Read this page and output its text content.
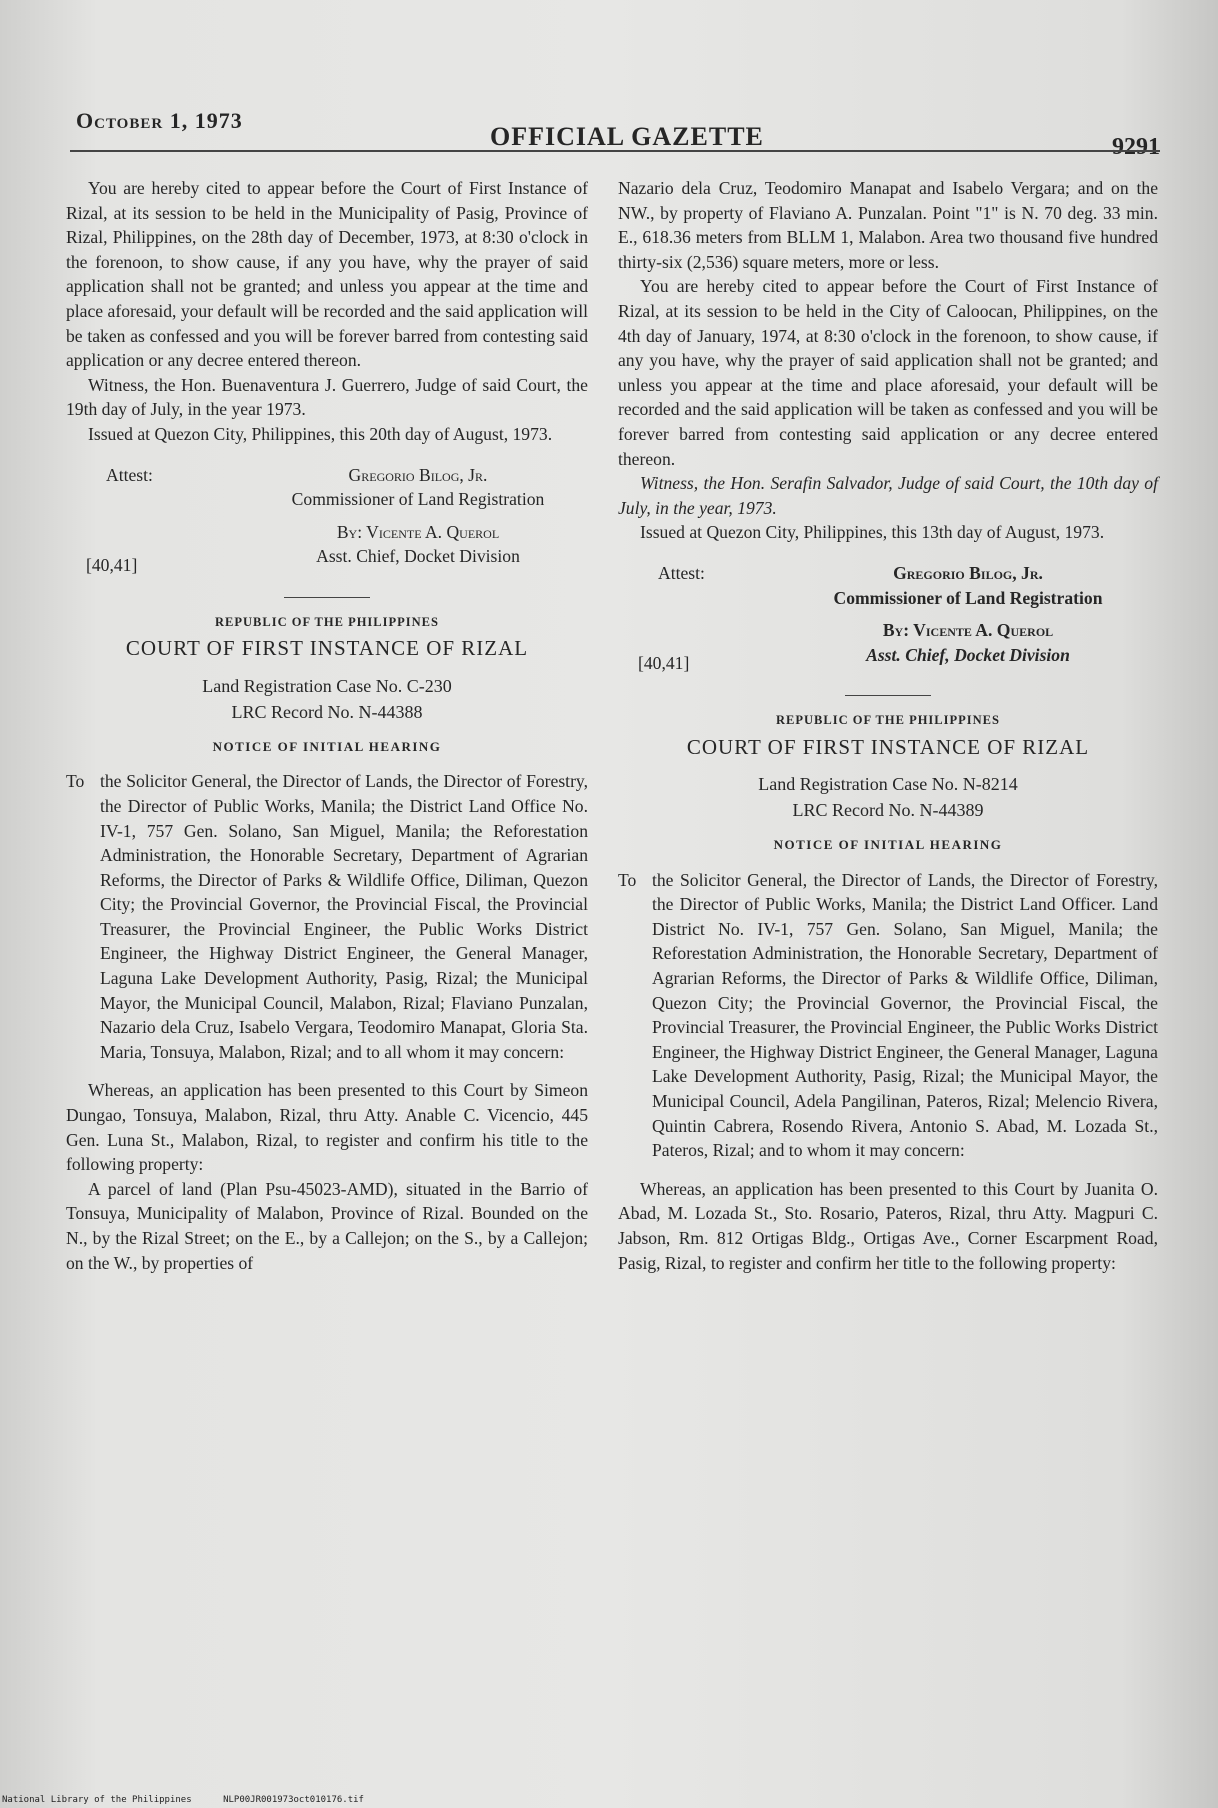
October 1, 1973
OFFICIAL GAZETTE	9291

You are hereby cited to appear before the Court of First Instance of Rizal, at its session to be held in the Municipality of Pasig, Province of Rizal, Philippines, on the 28th day of December, 1973, at 8:30 o'clock in the forenoon, to show cause, if any you have, why the prayer of said application shall not be granted; and unless you appear at the time and place aforesaid, your default will be recorded and the said application will be taken as confessed and you will be forever barred from contesting said application or any decree entered thereon.

Witness, the Hon. Buenaventura J. Guerrero, Judge of said Court, the 19th day of July, in the year 1973.

Issued at Quezon City, Philippines, this 20th day of August, 1973.

Attest:	Gregorio Bilog, Jr.
Commissioner of Land Registration
By: Vicente A. Querol
Asst. Chief, Docket Division
[40,41]
REPUBLIC OF THE PHILIPPINES
COURT OF FIRST INSTANCE OF RIZAL
Land Registration Case No. C-230
LRC Record No. N-44388
NOTICE OF INITIAL HEARING
To the Solicitor General, the Director of Lands, the Director of Forestry, the Director of Public Works, Manila; the District Land Office No. IV-1, 757 Gen. Solano, San Miguel, Manila; the Reforestation Administration, the Honorable Secretary, Department of Agrarian Reforms, the Director of Parks & Wildlife Office, Diliman, Quezon City; the Provincial Governor, the Provincial Fiscal, the Provincial Treasurer, the Provincial Engineer, the Public Works District Engineer, the Highway District Engineer, the General Manager, Laguna Lake Development Authority, Pasig, Rizal; the Municipal Mayor, the Municipal Council, Malabon, Rizal; Flaviano Punzalan, Nazario dela Cruz, Isabelo Vergara, Teodomiro Manapat, Gloria Sta. Maria, Tonsuya, Malabon, Rizal; and to all whom it may concern:

Whereas, an application has been presented to this Court by Simeon Dungao, Tonsuya, Malabon, Rizal, thru Atty. Anable C. Vicencio, 445 Gen. Luna St., Malabon, Rizal, to register and confirm his title to the following property:

A parcel of land (Plan Psu-45023-AMD), situated in the Barrio of Tonsuya, Municipality of Malabon, Province of Rizal. Bounded on the N., by the Rizal Street; on the E., by a Callejon; on the S., by a Callejon; on the W., by properties of

Nazario dela Cruz, Teodomiro Manapat and Isabelo Vergara; and on the NW., by property of Flaviano A. Punzalan. Point "1" is N. 70 deg. 33 min. E., 618.36 meters from BLLM 1, Malabon. Area two thousand five hundred thirty-six (2,536) square meters, more or less.

You are hereby cited to appear before the Court of First Instance of Rizal, at its session to be held in the City of Caloocan, Philippines, on the 4th day of January, 1974, at 8:30 o'clock in the forenoon, to show cause, if any you have, why the prayer of said application shall not be granted; and unless you appear at the time and place aforesaid, your default will be recorded and the said application will be taken as confessed and you will be forever barred from contesting said application or any decree entered thereon.

Witness, the Hon. Serafin Salvador, Judge of said Court, the 10th day of July, in the year, 1973.

Issued at Quezon City, Philippines, this 13th day of August, 1973.

Attest:	Gregorio Bilog, Jr.
Commissioner of Land Registration
By: Vicente A. Querol
Asst. Chief, Docket Division
[40,41]
REPUBLIC OF THE PHILIPPINES
COURT OF FIRST INSTANCE OF RIZAL
Land Registration Case No. N-8214
LRC Record No. N-44389
NOTICE OF INITIAL HEARING
To the Solicitor General, the Director of Lands, the Director of Forestry, the Director of Public Works, Manila; the District Land Officer. Land District No. IV-1, 757 Gen. Solano, San Miguel, Manila; the Reforestation Administration, the Honorable Secretary, Department of Agrarian Reforms, the Director of Parks & Wildlife Office, Diliman, Quezon City; the Provincial Governor, the Provincial Fiscal, the Provincial Treasurer, the Provincial Engineer, the Public Works District Engineer, the Highway District Engineer, the General Manager, Laguna Lake Development Authority, Pasig, Rizal; the Municipal Mayor, the Municipal Council, Adela Pangilinan, Pateros, Rizal; Melencio Rivera, Quintin Cabrera, Rosendo Rivera, Antonio S. Abad, M. Lozada St., Pateros, Rizal; and to whom it may concern:

Whereas, an application has been presented to this Court by Juanita O. Abad, M. Lozada St., Sto. Rosario, Pateros, Rizal, thru Atty. Magpuri C. Jabson, Rm. 812 Ortigas Bldg., Ortigas Ave., Corner Escarpment Road, Pasig, Rizal, to register and confirm her title to the following property:

National Library of the Philippines	NLP00JR001973oct010176.tif
